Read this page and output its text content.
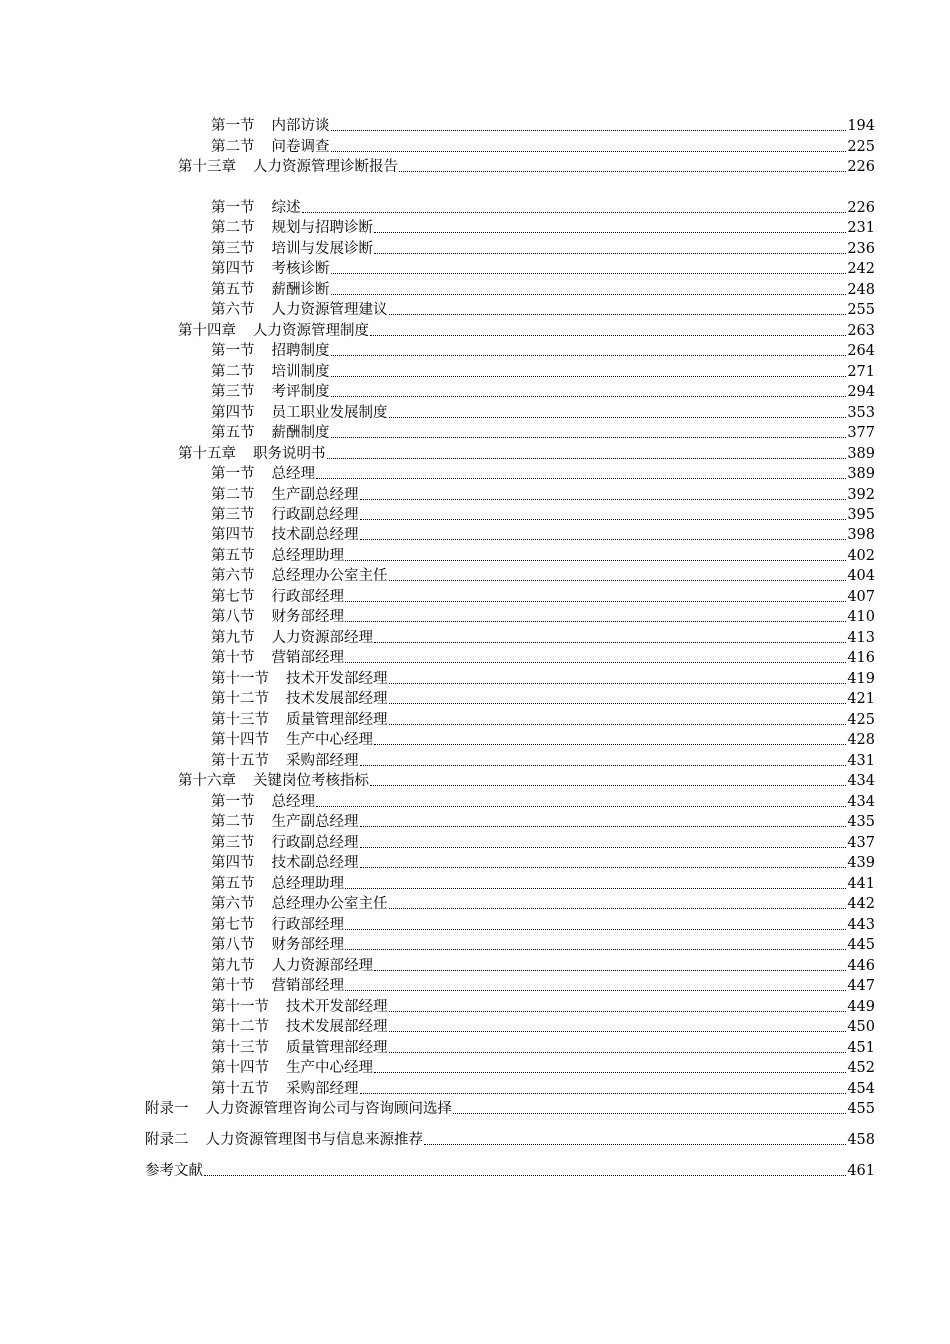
第一节 内部访谈	194
第二节 问卷调查	225
第十三章 人力资源管理诊断报告	226
第一节 综述	226
第二节 规划与招聘诊断	231
第三节 培训与发展诊断	236
第四节 考核诊断	242
第五节 薪酬诊断	248
第六节 人力资源管理建议	255
第十四章 人力资源管理制度	263
第一节 招聘制度	264
第二节 培训制度	271
第三节 考评制度	294
第四节 员工职业发展制度	353
第五节 薪酬制度	377
第十五章 职务说明书	389
第一节 总经理	389
第二节 生产副总经理	392
第三节 行政副总经理	395
第四节 技术副总经理	398
第五节 总经理助理	402
第六节 总经理办公室主任	404
第七节 行政部经理	407
第八节 财务部经理	410
第九节 人力资源部经理	413
第十节 营销部经理	416
第十一节 技术开发部经理	419
第十二节 技术发展部经理	421
第十三节 质量管理部经理	425
第十四节 生产中心经理	428
第十五节 采购部经理	431
第十六章 关键岗位考核指标	434
第一节 总经理	434
第二节 生产副总经理	435
第三节 行政副总经理	437
第四节 技术副总经理	439
第五节 总经理助理	441
第六节 总经理办公室主任	442
第七节 行政部经理	443
第八节 财务部经理	445
第九节 人力资源部经理	446
第十节 营销部经理	447
第十一节 技术开发部经理	449
第十二节 技术发展部经理	450
第十三节 质量管理部经理	451
第十四节 生产中心经理	452
第十五节 采购部经理	454
附录一 人力资源管理咨询公司与咨询顾问选择	455
附录二 人力资源管理图书与信息来源推荐	458
参考文献	461
